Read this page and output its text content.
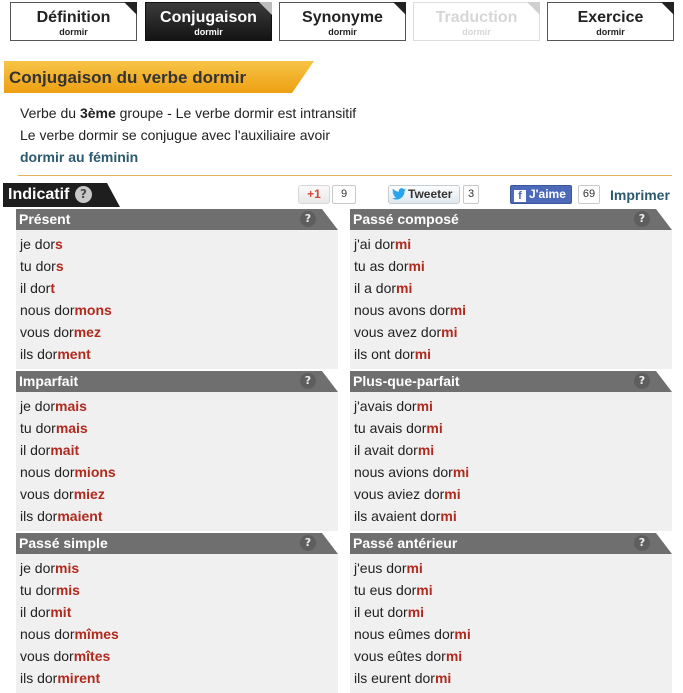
Définition
dormir
Conjugaison
dormir
Synonyme
dormir
Traduction
dormir
Exercice
dormir
Conjugaison du verbe dormir
Verbe du 3ème groupe - Le verbe dormir est intransitif
Le verbe dormir se conjugue avec l'auxiliaire avoir
dormir au féminin
Indicatif ?	+1	9	Tweeter	3	f J'aime	69	Imprimer
Présent	?
je dors
tu dors
il dort
nous dormons
vous dormez
ils dorment
Passé composé	?
j'ai dormi
tu as dormi
il a dormi
nous avons dormi
vous avez dormi
ils ont dormi
Imparfait	?
je dormais
tu dormais
il dormait
nous dormions
vous dormiez
ils dormaient
Plus-que-parfait	?
j'avais dormi
tu avais dormi
il avait dormi
nous avions dormi
vous aviez dormi
ils avaient dormi
Passé simple	?
je dormis
tu dormis
il dormit
nous dormîmes
vous dormîtes
ils dormirent
Passé antérieur	?
j'eus dormi
tu eus dormi
il eut dormi
nous eûmes dormi
vous eûtes dormi
ils eurent dormi
